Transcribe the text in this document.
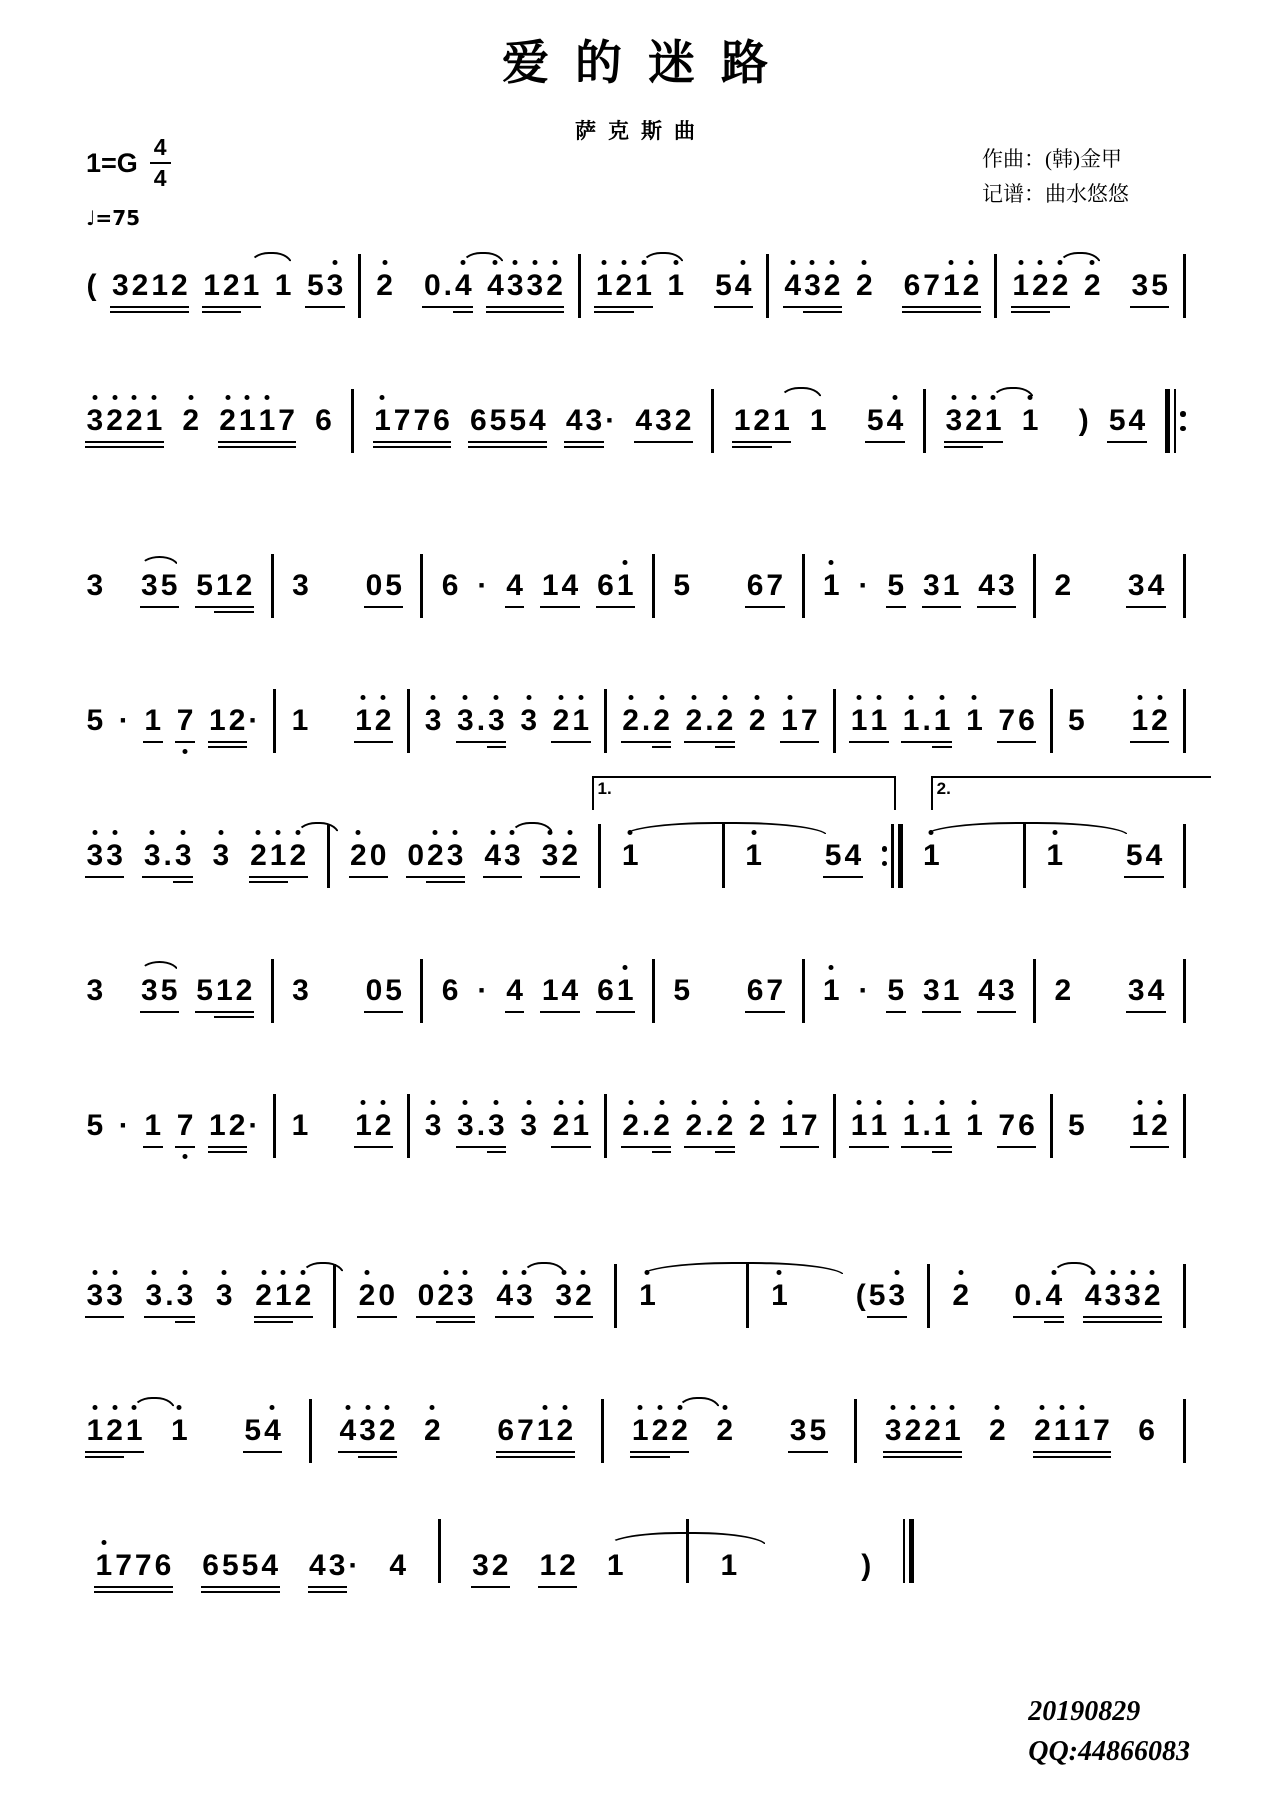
爱的迷路
萨克斯曲
1=G
4
4
♩=75
作曲：(韩)金甲
记谱：曲水悠悠
( 3 2 1 2 1 2 1 1 5 3 2 0 . 4 4 3 3 2 1 2 1 1 5 4 4 3 2 2 6 7 1 2 1 2 2 2 3 5
3 2 2 1 2 2 1 1 7 6 1 7 7 6 6 5 5 4 4 3 · 4 3 2 1 2 1 1 5 4 3 2 1 1 ) 5 4
3 3 5 5 1 2 3 0 5 6 · 4 1 4 6 1 5 6 7 1 · 5 3 1 4 3 2 3 4
5 · 1 7 1 2 · 1 1 2 3 3 . 3 3 2 1 2 . 2 2 . 2 2 1 7 1 1 1 . 1 1 7 6 5 1 2
1.	2.
3 3 3 . 3 3 2 1 2 2 0 0 2 3 4 3 3 2 1	1 5 4 1	1 5 4
3 3 5 5 1 2 3 0 5 6 · 4 1 4 6 1 5 6 7 1 · 5 3 1 4 3 2 3 4
5 · 1 7 1 2 · 1 1 2 3 3 . 3 3 2 1 2 . 2 2 . 2 2 1 7 1 1 1 . 1 1 7 6 5 1 2
3 3 3 . 3 3 2 1 2 2 0 0 2 3 4 3 3 2 1	1 ( 5 3 2 0 . 4 4 3 3 2
1 2 1 1 5 4 4 3 2 2 6 7 1 2 1 2 2 2 3 5 3 2 2 1 2 2 1 1 7 6
1 7 7 6 6 5 5 4 4 3 · 4 3 2 1 2 1	1	)
20190829
QQ:44866083
